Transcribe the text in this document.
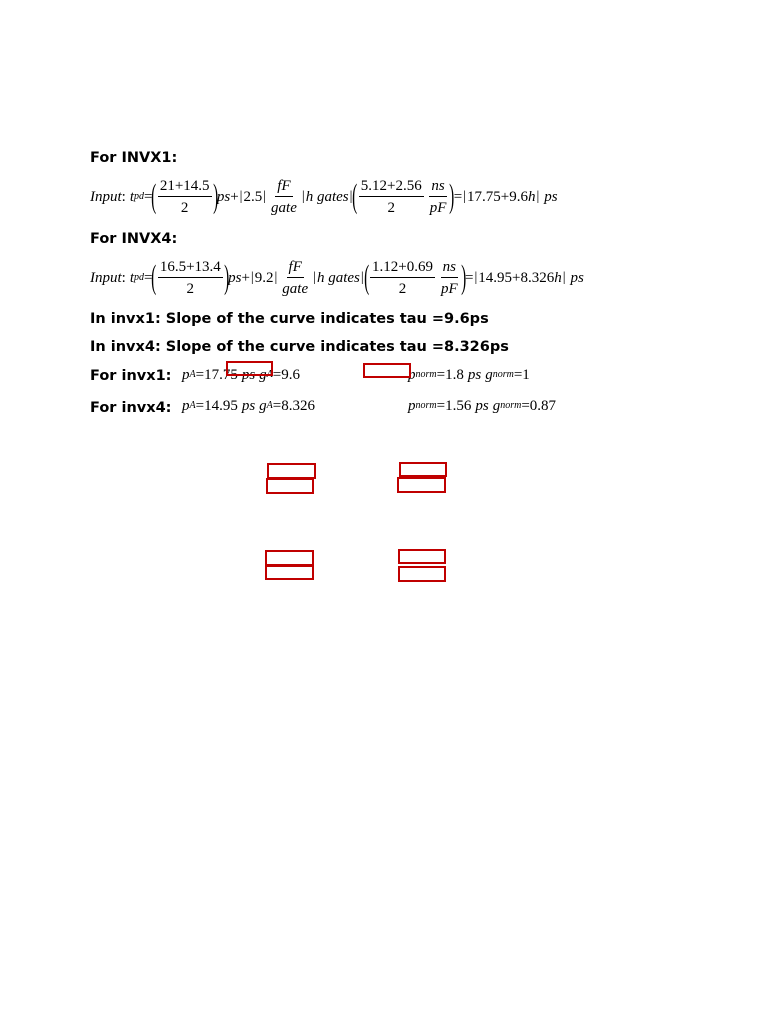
For INVX1:
Input : t pd = ( $\frac{21+14.5}{2}$ ) ps + | 2.5 | $\frac{fF}{\text{gate}}$ | h gates | ( $\frac{5.12+2.56}{2} \frac{ns}{pF}$ ) = | 17.75+9.6 h | ps
For INVX4:
Input : t pd = ( $\frac{16.5+13.4}{2}$ ) ps + | 9.2 | $\frac{fF}{\text{gate}}$ | h gates | ( $\frac{1.12+0.69}{2} \frac{ns}{pF}$ ) = | 14.95+8.326 h | ps
In invx1: Slope of the curve indicates tau =9.6ps
In invx4: Slope of the curve indicates tau =8.326ps
For invx1: p A =17.75 ps g A =9.6	p norm =1.8 ps g norm =1
For invx4: p A =14.95 ps g A =8.326	p norm =1.56 ps g norm =0.87
